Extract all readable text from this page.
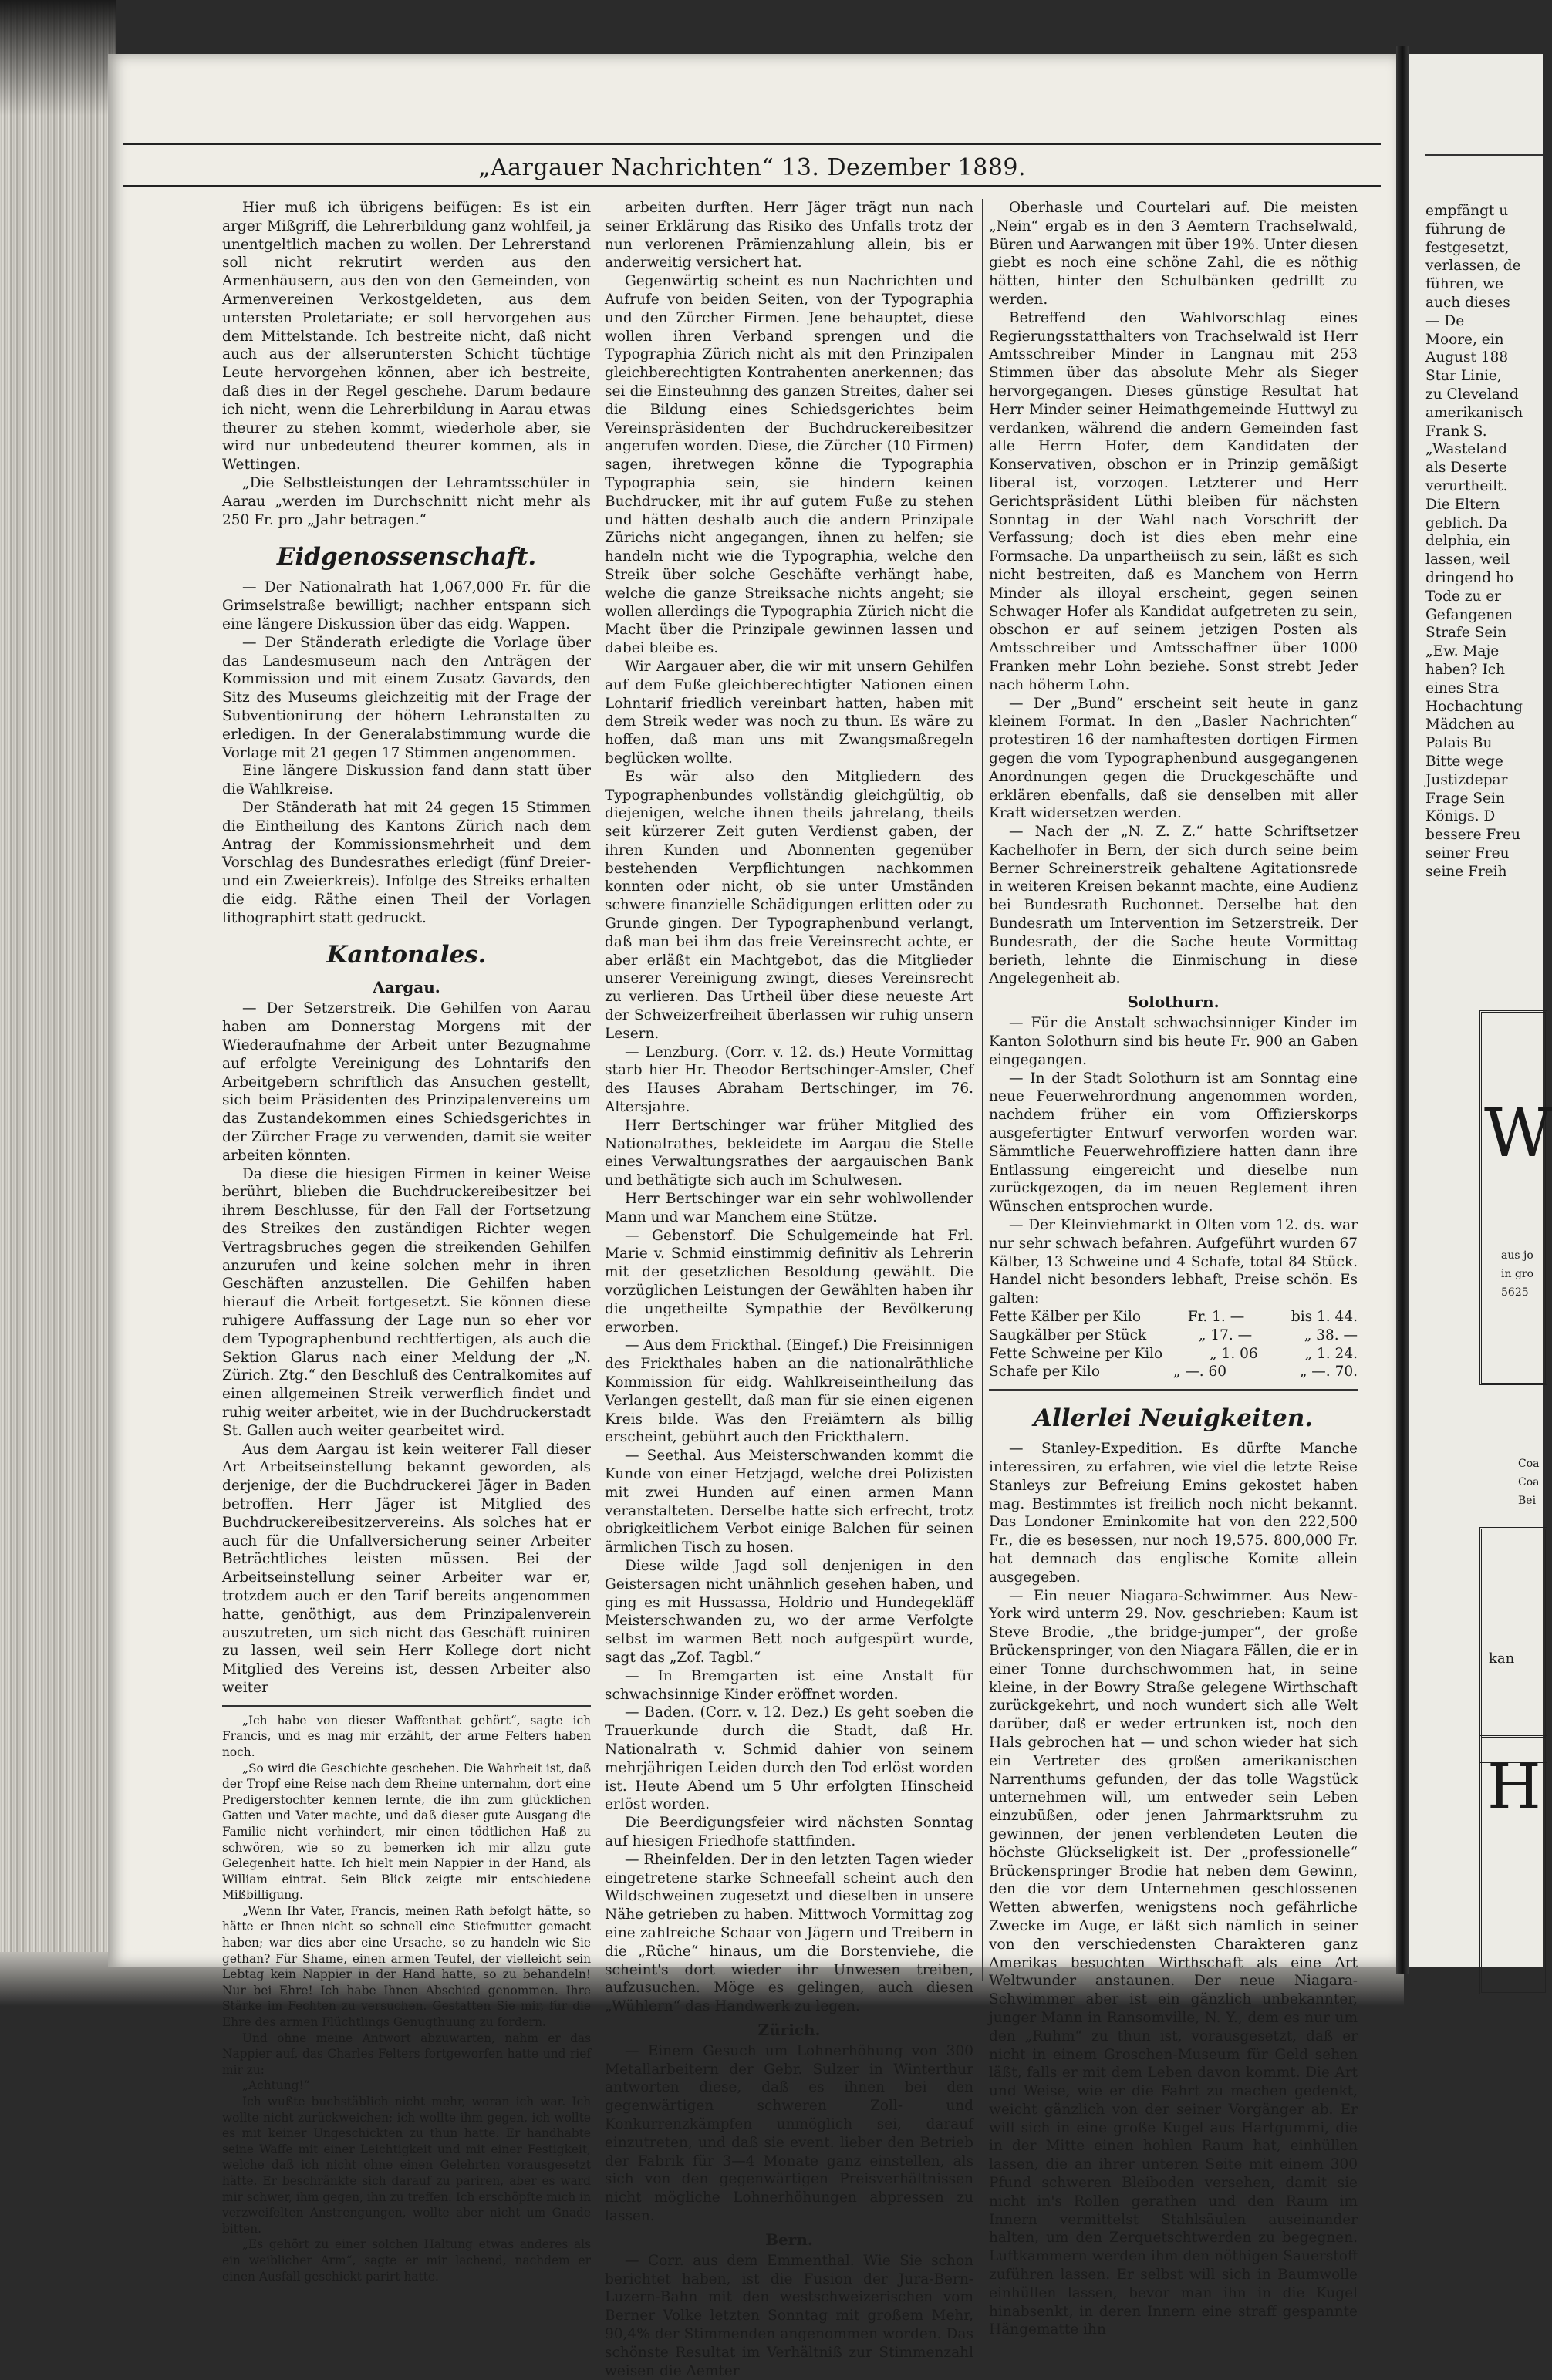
„Aargauer Nachrichten“ 13. Dezember 1889.

Hier muß ich übrigens beifügen: Es ist ein arger Mißgriff, die Lehrerbildung ganz wohlfeil, ja unentgeltlich machen zu wollen. Der Lehrerstand soll nicht rekrutirt werden aus den Armenhäusern, aus den von den Gemeinden, von Armenvereinen Verkostgeldeten, aus dem untersten Proletariate; er soll hervorgehen aus dem Mittelstande. Ich bestreite nicht, daß nicht auch aus der allseruntersten Schicht tüchtige Leute hervorgehen können, aber ich bestreite, daß dies in der Regel geschehe. Darum bedaure ich nicht, wenn die Lehrerbildung in Aarau etwas theurer zu stehen kommt, wiederhole aber, sie wird nur unbedeutend theurer kommen, als in Wettingen.

„Die Selbstleistungen der Lehramtsschüler in Aarau „werden im Durchschnitt nicht mehr als 250 Fr. pro „Jahr betragen.“

Eidgenossenschaft.

— Der Nationalrath hat 1,067,000 Fr. für die Grimselstraße bewilligt; nachher entspann sich eine längere Diskussion über das eidg. Wappen.

— Der Ständerath erledigte die Vorlage über das Landesmuseum nach den Anträgen der Kommission und mit einem Zusatz Gavards, den Sitz des Museums gleichzeitig mit der Frage der Subventionirung der höhern Lehranstalten zu erledigen. In der Generalabstimmung wurde die Vorlage mit 21 gegen 17 Stimmen angenommen.

Eine längere Diskussion fand dann statt über die Wahlkreise.

Der Ständerath hat mit 24 gegen 15 Stimmen die Eintheilung des Kantons Zürich nach dem Antrag der Kommissionsmehrheit und dem Vorschlag des Bundesrathes erledigt (fünf Dreier- und ein Zweierkreis). Infolge des Streiks erhalten die eidg. Räthe einen Theil der Vorlagen lithographirt statt gedruckt.

Kantonales.
Aargau.

— Der Setzerstreik. Die Gehilfen von Aarau haben am Donnerstag Morgens mit der Wiederaufnahme der Arbeit unter Bezugnahme auf erfolgte Vereinigung des Lohntarifs den Arbeitgebern schriftlich das Ansuchen gestellt, sich beim Präsidenten des Prinzipalenvereins um das Zustandekommen eines Schiedsgerichtes in der Zürcher Frage zu verwenden, damit sie weiter arbeiten könnten.

Da diese die hiesigen Firmen in keiner Weise berührt, blieben die Buchdruckereibesitzer bei ihrem Beschlusse, für den Fall der Fortsetzung des Streikes den zuständigen Richter wegen Vertragsbruches gegen die streikenden Gehilfen anzurufen und keine solchen mehr in ihren Geschäften anzustellen. Die Gehilfen haben hierauf die Arbeit fortgesetzt. Sie können diese ruhigere Auffassung der Lage nun so eher vor dem Typographenbund rechtfertigen, als auch die Sektion Glarus nach einer Meldung der „N. Zürich. Ztg.“ den Beschluß des Centralkomites auf einen allgemeinen Streik verwerflich findet und ruhig weiter arbeitet, wie in der Buchdruckerstadt St. Gallen auch weiter gearbeitet wird.

Aus dem Aargau ist kein weiterer Fall dieser Art Arbeitseinstellung bekannt geworden, als derjenige, der die Buchdruckerei Jäger in Baden betroffen. Herr Jäger ist Mitglied des Buchdruckereibesitzervereins. Als solches hat er auch für die Unfallversicherung seiner Arbeiter Beträchtliches leisten müssen. Bei der Arbeitseinstellung seiner Arbeiter war er, trotzdem auch er den Tarif bereits angenommen hatte, genöthigt, aus dem Prinzipalenverein auszutreten, um sich nicht das Geschäft ruiniren zu lassen, weil sein Herr Kollege dort nicht Mitglied des Vereins ist, dessen Arbeiter also weiter

„Ich habe von dieser Waffenthat gehört“, sagte ich Francis, und es mag mir erzählt, der arme Felters haben noch.

„So wird die Geschichte geschehen. Die Wahrheit ist, daß der Tropf eine Reise nach dem Rheine unternahm, dort eine Predigerstochter kennen lernte, die ihn zum glücklichen Gatten und Vater machte, und daß dieser gute Ausgang die Familie nicht verhindert, mir einen tödtlichen Haß zu schwören, wie so zu bemerken ich mir allzu gute Gelegenheit hatte. Ich hielt mein Nappier in der Hand, als William eintrat. Sein Blick zeigte mir entschiedene Mißbilligung.

„Wenn Ihr Vater, Francis, meinen Rath befolgt hätte, so hätte er Ihnen nicht so schnell eine Stiefmutter gemacht haben; war dies aber eine Ursache, so zu handeln wie Sie gethan? Für Shame, einen armen Teufel, der vielleicht sein Lebtag kein Nappier in der Hand hatte, so zu behandeln! Nur bei Ehre! Ich habe Ihnen Abschied genommen. Ihre Stärke im Fechten zu versuchen. Gestatten Sie mir, für die Ehre des armen Flüchtlings Genugthuung zu fordern.

Und ohne meine Antwort abzuwarten, nahm er das Nappier auf, das Charles Felters fortgeworfen hatte und rief mir zu:

„Achtung!“

Ich wußte buchstäblich nicht mehr, woran ich war. Ich wollte nicht zurückweichen; ich wollte ihm gegen, ich wollte es mit keiner Ungeschickten zu thun hatte. Er handhabte seine Waffe mit einer Leichtigkeit und mit einer Festigkeit, welche daß ich nicht ohne einen Gelehrten vorausgesetzt hätte. Er beschränkte sich darauf zu pariren, aber es ward mir schwer, ihm gegen, ihn zu treffen. Ich erschöpfte mich in verzweifelten Anstrengungen, wollte aber nicht um Gnade bitten.

„Es gehört zu einer solchen Haltung etwas anderes als ein weiblicher Arm“, sagte er mir lachend, nachdem er einen Ausfall geschickt parirt hatte.

arbeiten durften. Herr Jäger trägt nun nach seiner Erklärung das Risiko des Unfalls trotz der nun verlorenen Prämienzahlung allein, bis er anderweitig versichert hat.

Gegenwärtig scheint es nun Nachrichten und Aufrufe von beiden Seiten, von der Typographia und den Zürcher Firmen. Jene behauptet, diese wollen ihren Verband sprengen und die Typographia Zürich nicht als mit den Prinzipalen gleichberechtigten Kontrahenten anerkennen; das sei die Einsteuhnng des ganzen Streites, daher sei die Bildung eines Schiedsgerichtes beim Vereinspräsidenten der Buchdruckereibesitzer angerufen worden. Diese, die Zürcher (10 Firmen) sagen, ihretwegen könne die Typographia Typographia sein, sie hindern keinen Buchdrucker, mit ihr auf gutem Fuße zu stehen und hätten deshalb auch die andern Prinzipale Zürichs nicht angegangen, ihnen zu helfen; sie handeln nicht wie die Typographia, welche den Streik über solche Geschäfte verhängt habe, welche die ganze Streiksache nichts angeht; sie wollen allerdings die Typographia Zürich nicht die Macht über die Prinzipale gewinnen lassen und dabei bleibe es.

Wir Aargauer aber, die wir mit unsern Gehilfen auf dem Fuße gleichberechtigter Nationen einen Lohntarif friedlich vereinbart hatten, haben mit dem Streik weder was noch zu thun. Es wäre zu hoffen, daß man uns mit Zwangsmaßregeln beglücken wollte.

Es wär also den Mitgliedern des Typographenbundes vollständig gleichgültig, ob diejenigen, welche ihnen theils jahrelang, theils seit kürzerer Zeit guten Verdienst gaben, der ihren Kunden und Abonnenten gegenüber bestehenden Verpflichtungen nachkommen konnten oder nicht, ob sie unter Umständen schwere finanzielle Schädigungen erlitten oder zu Grunde gingen. Der Typographenbund verlangt, daß man bei ihm das freie Vereinsrecht achte, er aber erläßt ein Machtgebot, das die Mitglieder unserer Vereinigung zwingt, dieses Vereinsrecht zu verlieren. Das Urtheil über diese neueste Art der Schweizerfreiheit überlassen wir ruhig unsern Lesern.

— Lenzburg. (Corr. v. 12. ds.) Heute Vormittag starb hier Hr. Theodor Bertschinger-Amsler, Chef des Hauses Abraham Bertschinger, im 76. Altersjahre.

Herr Bertschinger war früher Mitglied des Nationalrathes, bekleidete im Aargau die Stelle eines Verwaltungsrathes der aargauischen Bank und bethätigte sich auch im Schulwesen.

Herr Bertschinger war ein sehr wohlwollender Mann und war Manchem eine Stütze.

— Gebenstorf. Die Schulgemeinde hat Frl. Marie v. Schmid einstimmig definitiv als Lehrerin mit der gesetzlichen Besoldung gewählt. Die vorzüglichen Leistungen der Gewählten haben ihr die ungetheilte Sympathie der Bevölkerung erworben.

— Aus dem Frickthal. (Eingef.) Die Freisinnigen des Frickthales haben an die nationalräthliche Kommission für eidg. Wahlkreiseintheilung das Verlangen gestellt, daß man für sie einen eigenen Kreis bilde. Was den Freiämtern als billig erscheint, gebührt auch den Frickthalern.

— Seethal. Aus Meisterschwanden kommt die Kunde von einer Hetzjagd, welche drei Polizisten mit zwei Hunden auf einen armen Mann veranstalteten. Derselbe hatte sich erfrecht, trotz obrigkeitlichem Verbot einige Balchen für seinen ärmlichen Tisch zu hosen.

Diese wilde Jagd soll denjenigen in den Geistersagen nicht unähnlich gesehen haben, und ging es mit Hussassa, Holdrio und Hundegekläff Meisterschwanden zu, wo der arme Verfolgte selbst im warmen Bett noch aufgespürt wurde, sagt das „Zof. Tagbl.“

— In Bremgarten ist eine Anstalt für schwachsinnige Kinder eröffnet worden.

— Baden. (Corr. v. 12. Dez.) Es geht soeben die Trauerkunde durch die Stadt, daß Hr. Nationalrath v. Schmid dahier von seinem mehrjährigen Leiden durch den Tod erlöst worden ist. Heute Abend um 5 Uhr erfolgten Hinscheid erlöst worden.

Die Beerdigungsfeier wird nächsten Sonntag auf hiesigen Friedhofe stattfinden.

— Rheinfelden. Der in den letzten Tagen wieder eingetretene starke Schneefall scheint auch den Wildschweinen zugesetzt und dieselben in unsere Nähe getrieben zu haben. Mittwoch Vormittag zog eine zahlreiche Schaar von Jägern und Treibern in die „Rüche“ hinaus, um die Borstenviehe, die scheint's dort wieder ihr Unwesen treiben, aufzusuchen. Möge es gelingen, auch diesen „Wühlern“ das Handwerk zu legen.

Zürich.

— Einem Gesuch um Lohnerhöhung von 300 Metallarbeitern der Gebr. Sulzer in Winterthur antworten diese, daß es ihnen bei den gegenwärtigen schweren Zoll- und Konkurrenzkämpfen unmöglich sei, darauf einzutreten, und daß sie event. lieber den Betrieb der Fabrik für 3—4 Monate ganz einstellen, als sich von den gegenwärtigen Preisverhältnissen nicht mögliche Lohnerhöhungen abpressen zu lassen.

Bern.

— Corr. aus dem Emmenthal. Wie Sie schon berichtet haben, ist die Fusion der Jura-Bern-Luzern-Bahn mit den westschweizerischen vom Berner Volke letzten Sonntag mit großem Mehr, 90,4% der Stimmenden angenommen worden. Das schönste Resultat im Verhältniß zur Stimmenzahl weisen die Aemter

Oberhasle und Courtelari auf. Die meisten „Nein“ ergab es in den 3 Aemtern Trachselwald, Büren und Aarwangen mit über 19%. Unter diesen giebt es noch eine schöne Zahl, die es nöthig hätten, hinter den Schulbänken gedrillt zu werden.

Betreffend den Wahlvorschlag eines Regierungsstatthalters von Trachselwald ist Herr Amtsschreiber Minder in Langnau mit 253 Stimmen über das absolute Mehr als Sieger hervorgegangen. Dieses günstige Resultat hat Herr Minder seiner Heimathgemeinde Huttwyl zu verdanken, während die andern Gemeinden fast alle Herrn Hofer, dem Kandidaten der Konservativen, obschon er in Prinzip gemäßigt liberal ist, vorzogen. Letzterer und Herr Gerichtspräsident Lüthi bleiben für nächsten Sonntag in der Wahl nach Vorschrift der Verfassung; doch ist dies eben mehr eine Formsache. Da unpartheiisch zu sein, läßt es sich nicht bestreiten, daß es Manchem von Herrn Minder als illoyal erscheint, gegen seinen Schwager Hofer als Kandidat aufgetreten zu sein, obschon er auf seinem jetzigen Posten als Amtsschreiber und Amtsschaffner über 1000 Franken mehr Lohn beziehe. Sonst strebt Jeder nach höherm Lohn.

— Der „Bund“ erscheint seit heute in ganz kleinem Format. In den „Basler Nachrichten“ protestiren 16 der namhaftesten dortigen Firmen gegen die vom Typographenbund ausgegangenen Anordnungen gegen die Druckgeschäfte und erklären ebenfalls, daß sie denselben mit aller Kraft widersetzen werden.

— Nach der „N. Z. Z.“ hatte Schriftsetzer Kachelhofer in Bern, der sich durch seine beim Berner Schreinerstreik gehaltene Agitationsrede in weiteren Kreisen bekannt machte, eine Audienz bei Bundesrath Ruchonnet. Derselbe hat den Bundesrath um Intervention im Setzerstreik. Der Bundesrath, der die Sache heute Vormittag berieth, lehnte die Einmischung in diese Angelegenheit ab.

Solothurn.

— Für die Anstalt schwachsinniger Kinder im Kanton Solothurn sind bis heute Fr. 900 an Gaben eingegangen.

— In der Stadt Solothurn ist am Sonntag eine neue Feuerwehrordnung angenommen worden, nachdem früher ein vom Offizierskorps ausgefertigter Entwurf verworfen worden war. Sämmtliche Feuerwehroffiziere hatten dann ihre Entlassung eingereicht und dieselbe nun zurückgezogen, da im neuen Reglement ihren Wünschen entsprochen wurde.

— Der Kleinviehmarkt in Olten vom 12. ds. war nur sehr schwach befahren. Aufgeführt wurden 67 Kälber, 13 Schweine und 4 Schafe, total 84 Stück. Handel nicht besonders lebhaft, Preise schön. Es galten:

Fette Kälber per Kilo	Fr. 1. —	bis 1. 44.
Saugkälber per Stück	„ 17. —	„ 38. —
Fette Schweine per Kilo	„ 1. 06	„ 1. 24.
Schafe per Kilo	„ —. 60	„ —. 70.
Allerlei Neuigkeiten.

— Stanley-Expedition. Es dürfte Manche interessiren, zu erfahren, wie viel die letzte Reise Stanleys zur Befreiung Emins gekostet haben mag. Bestimmtes ist freilich noch nicht bekannt. Das Londoner Eminkomite hat von den 222,500 Fr., die es besessen, nur noch 19,575. 800,000 Fr. hat demnach das englische Komite allein ausgegeben.

— Ein neuer Niagara-Schwimmer. Aus New-York wird unterm 29. Nov. geschrieben: Kaum ist Steve Brodie, „the bridge-jumper“, der große Brückenspringer, von den Niagara Fällen, die er in einer Tonne durchschwommen hat, in seine kleine, in der Bowry Straße gelegene Wirthschaft zurückgekehrt, und noch wundert sich alle Welt darüber, daß er weder ertrunken ist, noch den Hals gebrochen hat — und schon wieder hat sich ein Vertreter des großen amerikanischen Narrenthums gefunden, der das tolle Wagstück unternehmen will, um entweder sein Leben einzubüßen, oder jenen Jahrmarktsruhm zu gewinnen, der jenen verblendeten Leuten die höchste Glückseligkeit ist. Der „professionelle“ Brückenspringer Brodie hat neben dem Gewinn, den die vor dem Unternehmen geschlossenen Wetten abwerfen, wenigstens noch gefährliche Zwecke im Auge, er läßt sich nämlich in seiner von den verschiedensten Charakteren ganz Amerikas besuchten Wirthschaft als eine Art Weltwunder anstaunen. Der neue Niagara-Schwimmer aber ist ein gänzlich unbekannter, junger Mann in Ransomville, N. Y., dem es nur um den „Ruhm“ zu thun ist, vorausgesetzt, daß er nicht in einem Groschen-Museum für Geld sehen läßt, falls er mit dem Leben davon kommt. Die Art und Weise, wie er die Fahrt zu machen gedenkt, weicht gänzlich von der seiner Vorgänger ab. Er will sich in eine große Kugel aus Hartgummi, die in der Mitte einen hohlen Raum hat, einhüllen lassen, die an ihrer unteren Seite mit einem 300 Pfund schweren Bleiboden versehen, damit sie nicht in's Rollen gerathen und den Raum im Innern vermittelst Stahlsäulen auseinander halten, um den Zerquetschtwerden zu begegnen. Luftkammern werden ihm den nöthigen Sauerstoff zuführen lassen. Er selbst will sich in Baumwolle einhüllen lassen, bevor man ihn in die Kugel hinabsenkt, in deren Innern eine straff gespannte Hängematte ihn

empfängt u
führung de
festgesetzt,
verlassen, de
führen, we
auch dieses
— De
Moore, ein
August 188
Star Linie,
zu Cleveland
amerikanisch
Frank S.
„Wasteland
als Deserte
verurtheilt.
Die Eltern
geblich. Da
delphia, ein
lassen, weil
dringend ho
Tode zu er
Gefangenen
Strafe Sein
„Ew. Maje
haben? Ich
eines Stra
Hochachtung
Mädchen au
Palais Bu
Bitte wege
Justizdepar
Frage Sein
Königs. D
bessere Freu
seiner Freu
seine Freih
W
aus jo
in gro
5625
Coa
Coa
Bei
kan
H
